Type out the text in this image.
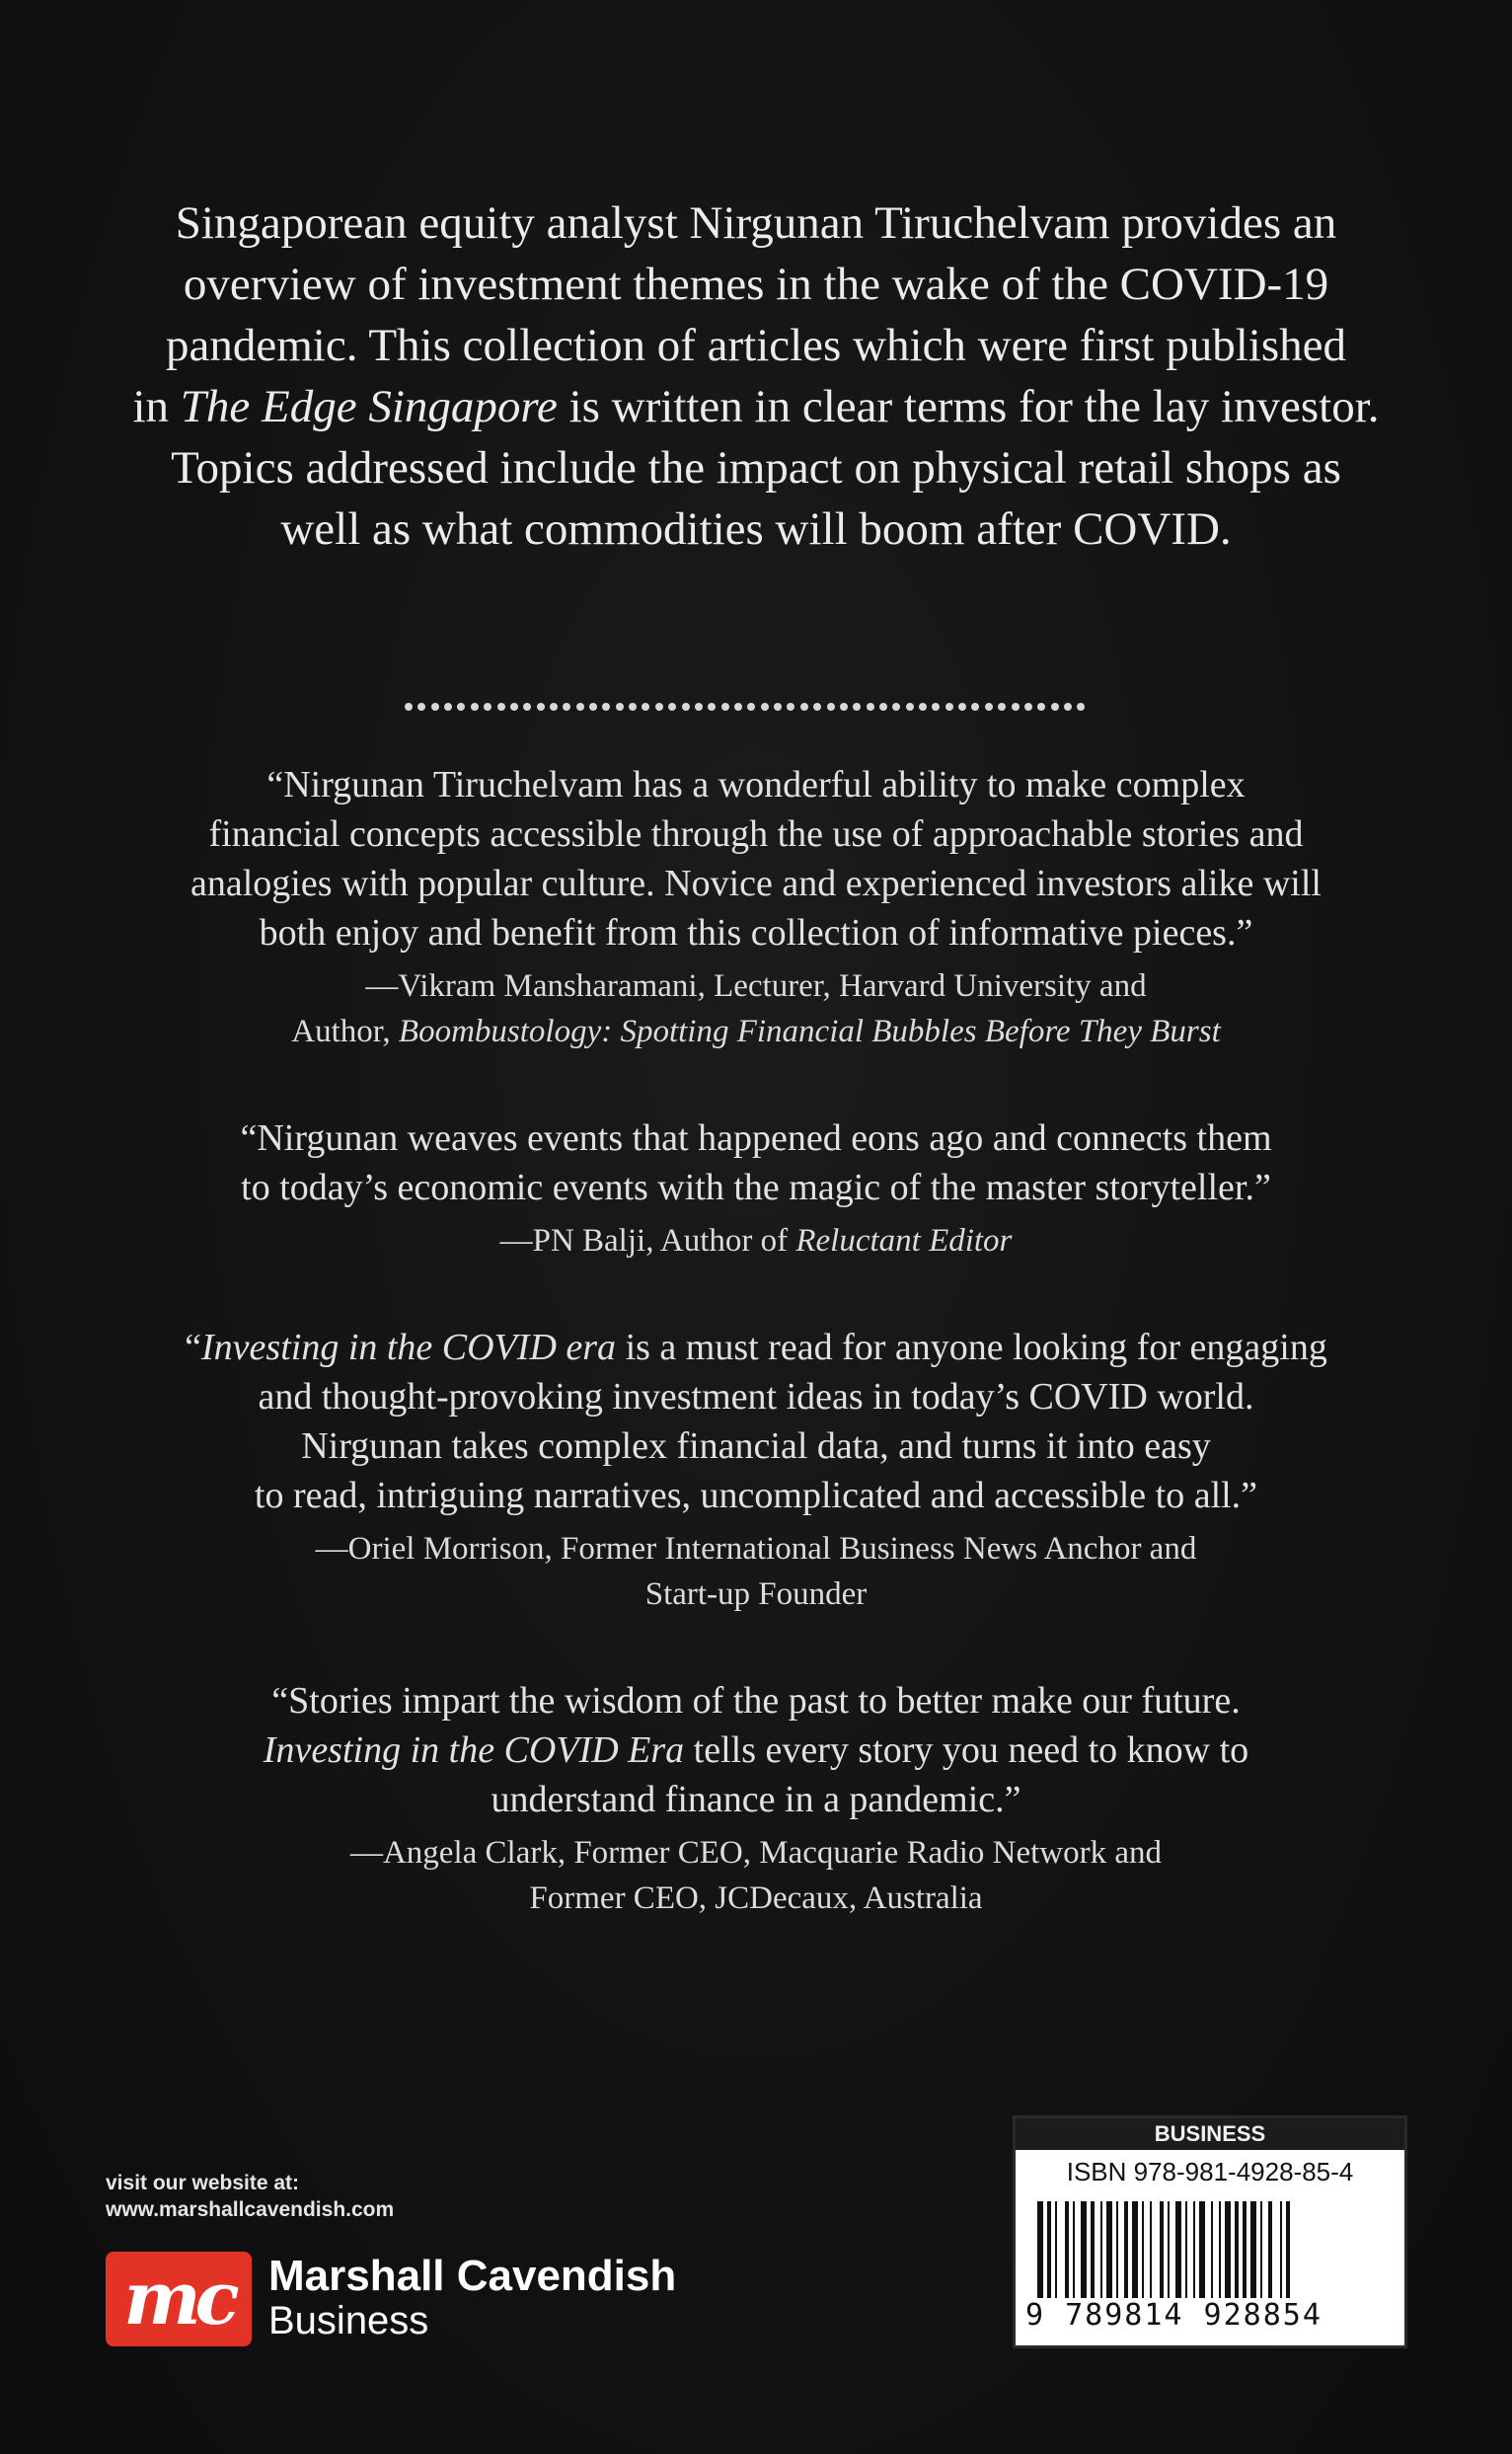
Singaporean equity analyst Nirgunan Tiruchelvam provides an
overview of investment themes in the wake of the COVID-19
pandemic. This collection of articles which were first published
in The Edge Singapore is written in clear terms for the lay investor.
Topics addressed include the impact on physical retail shops as
well as what commodities will boom after COVID.

“Nirgunan Tiruchelvam has a wonderful ability to make complex
financial concepts accessible through the use of approachable stories and
analogies with popular culture. Novice and experienced investors alike will
both enjoy and benefit from this collection of informative pieces.”

—Vikram Mansharamani, Lecturer, Harvard University and
Author, Boombustology: Spotting Financial Bubbles Before They Burst

“Nirgunan weaves events that happened eons ago and connects them
to today’s economic events with the magic of the master storyteller.”

—PN Balji, Author of Reluctant Editor

“Investing in the COVID era is a must read for anyone looking for engaging
and thought-provoking investment ideas in today’s COVID world.
Nirgunan takes complex financial data, and turns it into easy
to read, intriguing narratives, uncomplicated and accessible to all.”

—Oriel Morrison, Former International Business News Anchor and
Start-up Founder

“Stories impart the wisdom of the past to better make our future.
Investing in the COVID Era tells every story you need to know to
understand finance in a pandemic.”

—Angela Clark, Former CEO, Macquarie Radio Network and
Former CEO, JCDecaux, Australia

visit our website at:
www.marshallcavendish.com
mc Marshall Cavendish
Business
BUSINESS
ISBN 978-981-4928-85-4
9 789814 928854
